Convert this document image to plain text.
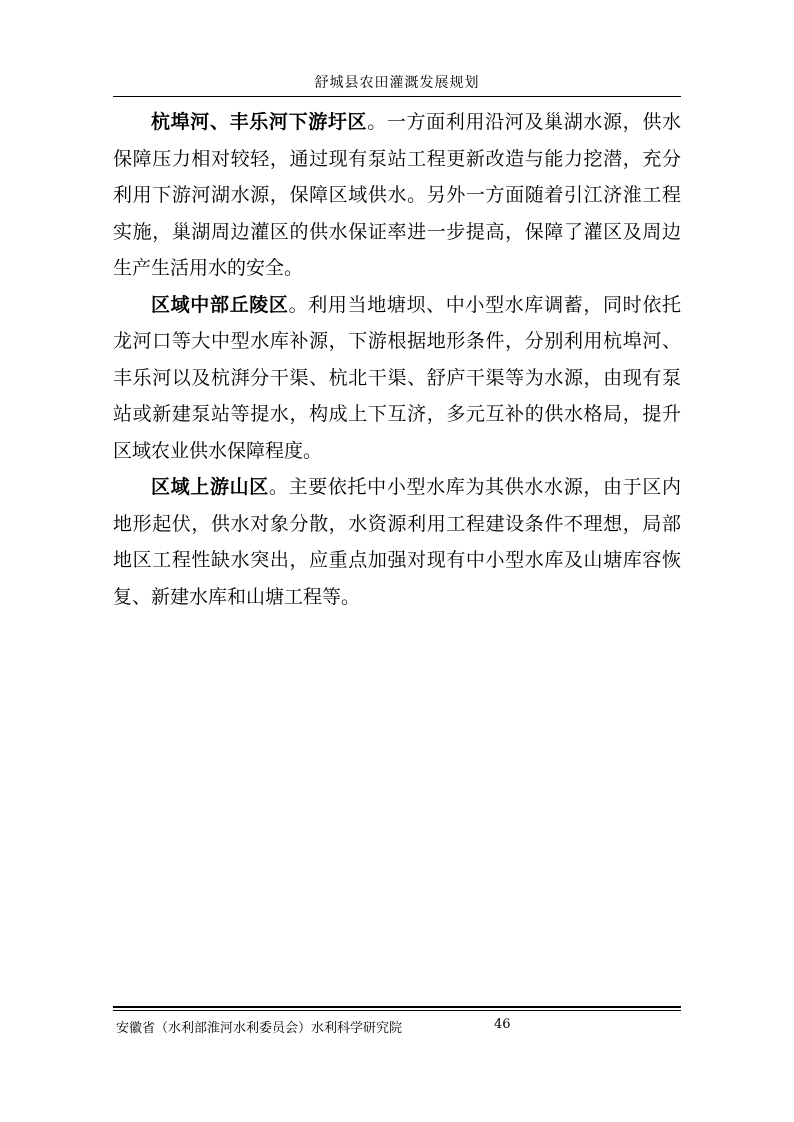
舒城县农田灌溉发展规划

杭埠河、丰乐河下游圩区。一方面利用沿河及巢湖水源，供水保障压力相对较轻，通过现有泵站工程更新改造与能力挖潜，充分利用下游河湖水源，保障区域供水。另外一方面随着引江济淮工程实施，巢湖周边灌区的供水保证率进一步提高，保障了灌区及周边生产生活用水的安全。

区域中部丘陵区。利用当地塘坝、中小型水库调蓄，同时依托龙河口等大中型水库补源，下游根据地形条件，分别利用杭埠河、丰乐河以及杭湃分干渠、杭北干渠、舒庐干渠等为水源，由现有泵站或新建泵站等提水，构成上下互济，多元互补的供水格局，提升区域农业供水保障程度。

区域上游山区。主要依托中小型水库为其供水水源，由于区内地形起伏，供水对象分散，水资源利用工程建设条件不理想，局部地区工程性缺水突出，应重点加强对现有中小型水库及山塘库容恢复、新建水库和山塘工程等。

安徽省（水利部淮河水利委员会）水利科学研究院	46
